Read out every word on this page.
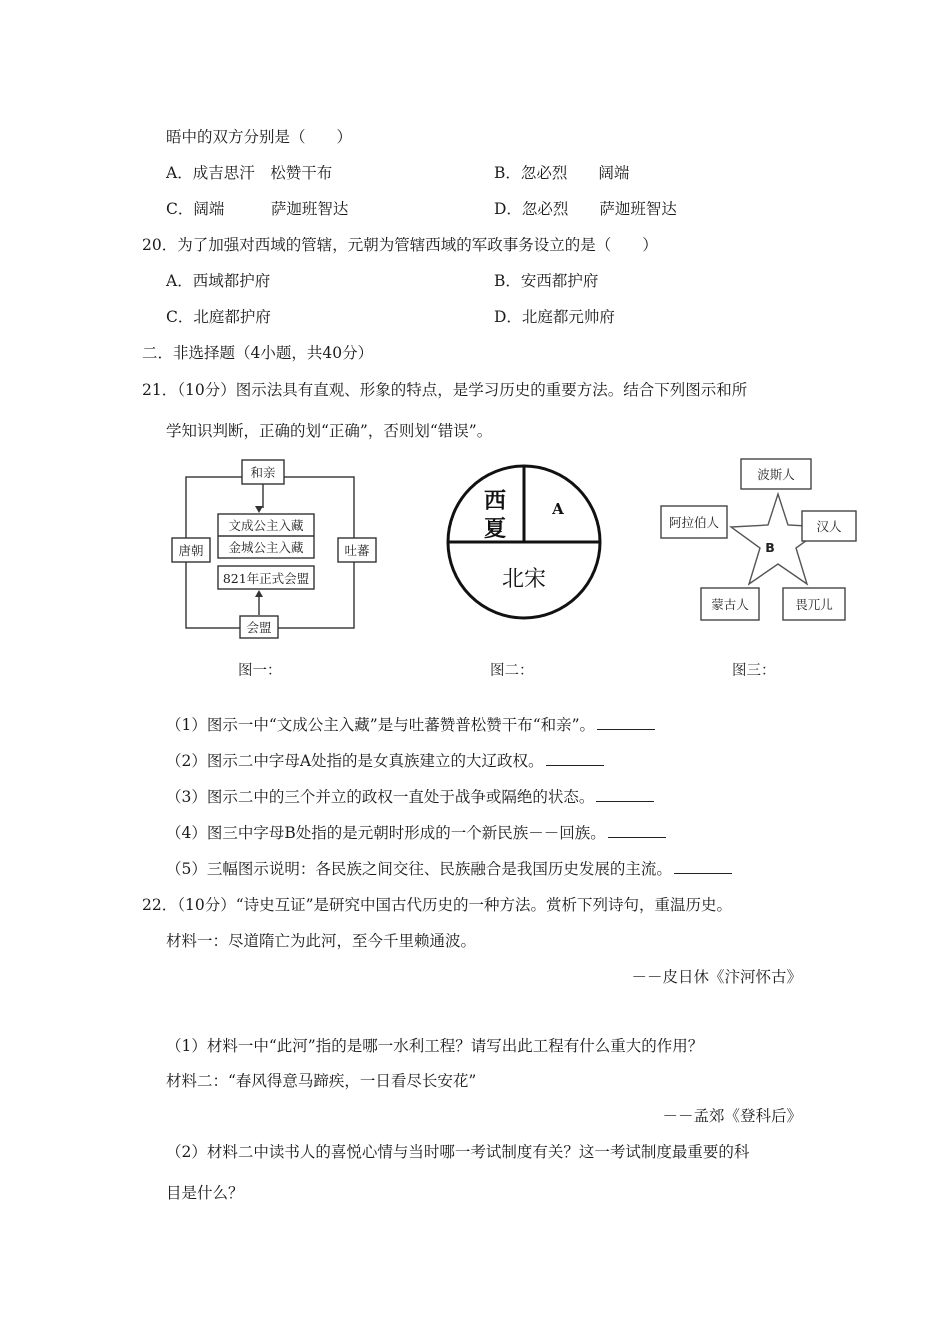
晤中的双方分别是（　　）
A．成吉思汗　松赞干布	B．忽必烈　　阔端
C．阔端　　　萨迦班智达	D．忽必烈　　萨迦班智达
20．为了加强对西域的管辖，元朝为管辖西域的军政事务设立的是（　　）
A．西域都护府	B．安西都护府
C．北庭都护府	D．北庭都元帅府
二．非选择题（4小题，共40分）
21．（10分）图示法具有直观、形象的特点，是学习历史的重要方法。结合下列图示和所
学知识判断，正确的划“正确”，否则划“错误”。
和亲
唐朝	吐蕃
文成公主入藏
金城公主入藏
821年正式会盟
会盟
图一：
西
夏
A
北宋
图二：
波斯人
阿拉伯人	汉人
蒙古人	畏兀儿
B
图三：
（1）图示一中“文成公主入藏”是与吐蕃赞普松赞干布“和亲”。
（2）图示二中字母A处指的是女真族建立的大辽政权。
（3）图示二中的三个并立的政权一直处于战争或隔绝的状态。
（4）图三中字母B处指的是元朝时形成的一个新民族－－回族。
（5）三幅图示说明：各民族之间交往、民族融合是我国历史发展的主流。
22．（10分）“诗史互证”是研究中国古代历史的一种方法。赏析下列诗句，重温历史。
材料一：尽道隋亡为此河，至今千里赖通波。
－－皮日休《汴河怀古》
（1）材料一中“此河”指的是哪一水利工程？请写出此工程有什么重大的作用？
材料二：“春风得意马蹄疾，一日看尽长安花”
－－孟郊《登科后》
（2）材料二中读书人的喜悦心情与当时哪一考试制度有关？这一考试制度最重要的科
目是什么？
